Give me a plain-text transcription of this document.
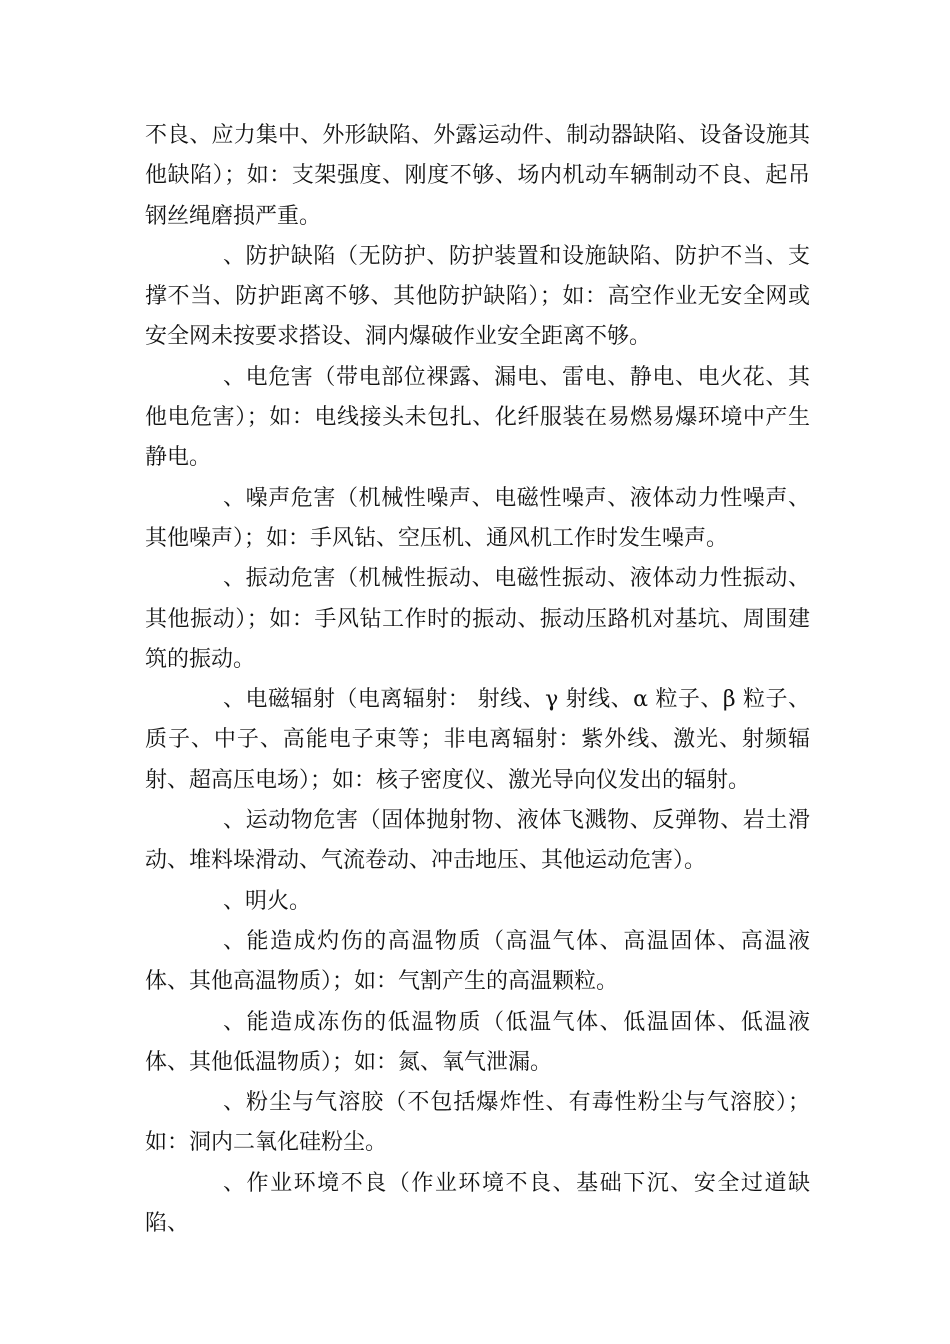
不良、应力集中、外形缺陷、外露运动件、制动器缺陷、设备设施其他缺陷）；如：支架强度、刚度不够、场内机动车辆制动不良、起吊钢丝绳磨损严重。

、防护缺陷（无防护、防护装置和设施缺陷、防护不当、支撑不当、防护距离不够、其他防护缺陷）；如：高空作业无安全网或安全网未按要求搭设、洞内爆破作业安全距离不够。

、电危害（带电部位裸露、漏电、雷电、静电、电火花、其他电危害）；如：电线接头未包扎、化纤服装在易燃易爆环境中产生静电。

、噪声危害（机械性噪声、电磁性噪声、液体动力性噪声、其他噪声）；如：手风钻、空压机、通风机工作时发生噪声。

、振动危害（机械性振动、电磁性振动、液体动力性振动、其他振动）；如：手风钻工作时的振动、振动压路机对基坑、周围建筑的振动。

、电磁辐射（电离辐射： 射线、γ 射线、α 粒子、β 粒子、质子、中子、高能电子束等；非电离辐射：紫外线、激光、射频辐射、超高压电场）；如：核子密度仪、激光导向仪发出的辐射。

、运动物危害（固体抛射物、液体飞溅物、反弹物、岩土滑动、堆料垛滑动、气流卷动、冲击地压、其他运动危害）。

、明火。

、能造成灼伤的高温物质（高温气体、高温固体、高温液体、其他高温物质）；如：气割产生的高温颗粒。

、能造成冻伤的低温物质（低温气体、低温固体、低温液体、其他低温物质）；如：氮、氧气泄漏。

、粉尘与气溶胶（不包括爆炸性、有毒性粉尘与气溶胶）；如：洞内二氧化硅粉尘。

、作业环境不良（作业环境不良、基础下沉、安全过道缺陷、
